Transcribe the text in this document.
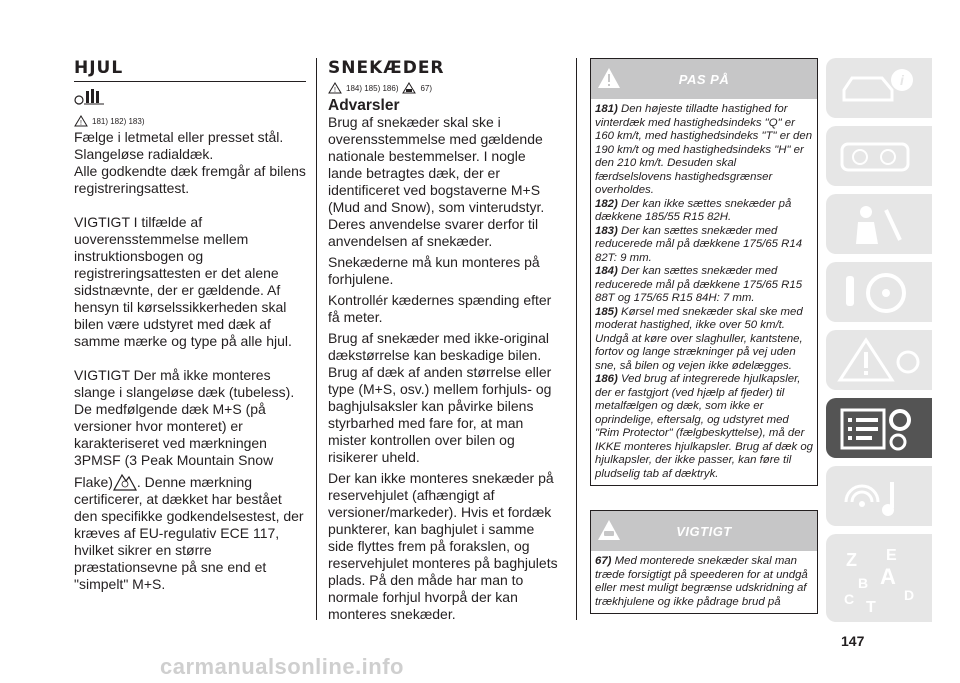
HJUL
! 181) 182) 183)

Fælge i letmetal eller presset stål.

Slangeløse radialdæk.

Alle godkendte dæk fremgår af bilens registreringsattest.

VIGTIGT I tilfælde af uoverensstemmelse mellem instruktionsbogen og registreringsattesten er det alene sidstnævnte, der er gældende. Af hensyn til kørselssikkerheden skal bilen være udstyret med dæk af samme mærke og type på alle hjul.

VIGTIGT Der må ikke monteres slange i slangeløse dæk (tubeless). De medfølgende dæk M+S (på versioner hvor monteret) er karakteriseret ved mærkningen 3PMSF (3 Peak Mountain Snow Flake) . Denne mærkning certificerer, at dækket har bestået den specifikke godkendelsestest, der kræves af EU-regulativ ECE 117, hvilket sikrer en større præstationsevne på sne end et "simpelt" M+S.

SNEKÆDER
! 184) 185) 186)	67)
Advarsler

Brug af snekæder skal ske i overensstemmelse med gældende nationale bestemmelser. I nogle lande betragtes dæk, der er identificeret ved bogstaverne M+S (Mud and Snow), som vinterudstyr. Deres anvendelse svarer derfor til anvendelsen af snekæder.

Snekæderne må kun monteres på forhjulene.

Kontrollér kædernes spænding efter få meter.

Brug af snekæder med ikke-original dækstørrelse kan beskadige bilen. Brug af dæk af anden størrelse eller type (M+S, osv.) mellem forhjuls- og baghjulsaksler kan påvirke bilens styrbarhed med fare for, at man mister kontrollen over bilen og risikerer uheld.

Der kan ikke monteres snekæder på reservehjulet (afhængigt af versioner/markeder). Hvis et fordæk punkterer, kan baghjulet i samme side flyttes frem på forakslen, og reservehjulet monteres på baghjulets plads. På den måde har man to normale forhjul hvorpå der kan monteres snekæder.

PAS PÅ

181) Den højeste tilladte hastighed for vinterdæk med hastighedsindeks "Q" er 160 km/t, med hastighedsindeks "T" er den 190 km/t og med hastighedsindeks "H" er den 210 km/t. Desuden skal færdselslovens hastighedsgrænser overholdes.

182) Der kan ikke sættes snekæder på dækkene 185/55 R15 82H.

183) Der kan sættes snekæder med reducerede mål på dækkene 175/65 R14 82T: 9 mm.

184) Der kan sættes snekæder med reducerede mål på dækkene 175/65 R15 88T og 175/65 R15 84H: 7 mm.

185) Kørsel med snekæder skal ske med moderat hastighed, ikke over 50 km/t. Undgå at køre over slaghuller, kantstene, fortov og lange strækninger på vej uden sne, så bilen og vejen ikke ødelægges.

186) Ved brug af integrerede hjulkapsler, der er fastgjort (ved hjælp af fjeder) til metalfælgen og dæk, som ikke er oprindelige, eftersalg, og udstyret med "Rim Protector" (fælgbeskyttelse), må der IKKE monteres hjulkapsler. Brug af dæk og hjulkapsler, der ikke passer, kan føre til pludselig tab af dæktryk.

VIGTIGT

67) Med monterede snekæder skal man træde forsigtigt på speederen for at undgå eller mest muligt begrænse udskridning af trækhjulene og ikke pådrage brud på

i
Z E
A
B
C T
D
147
carmanualsonline.info
